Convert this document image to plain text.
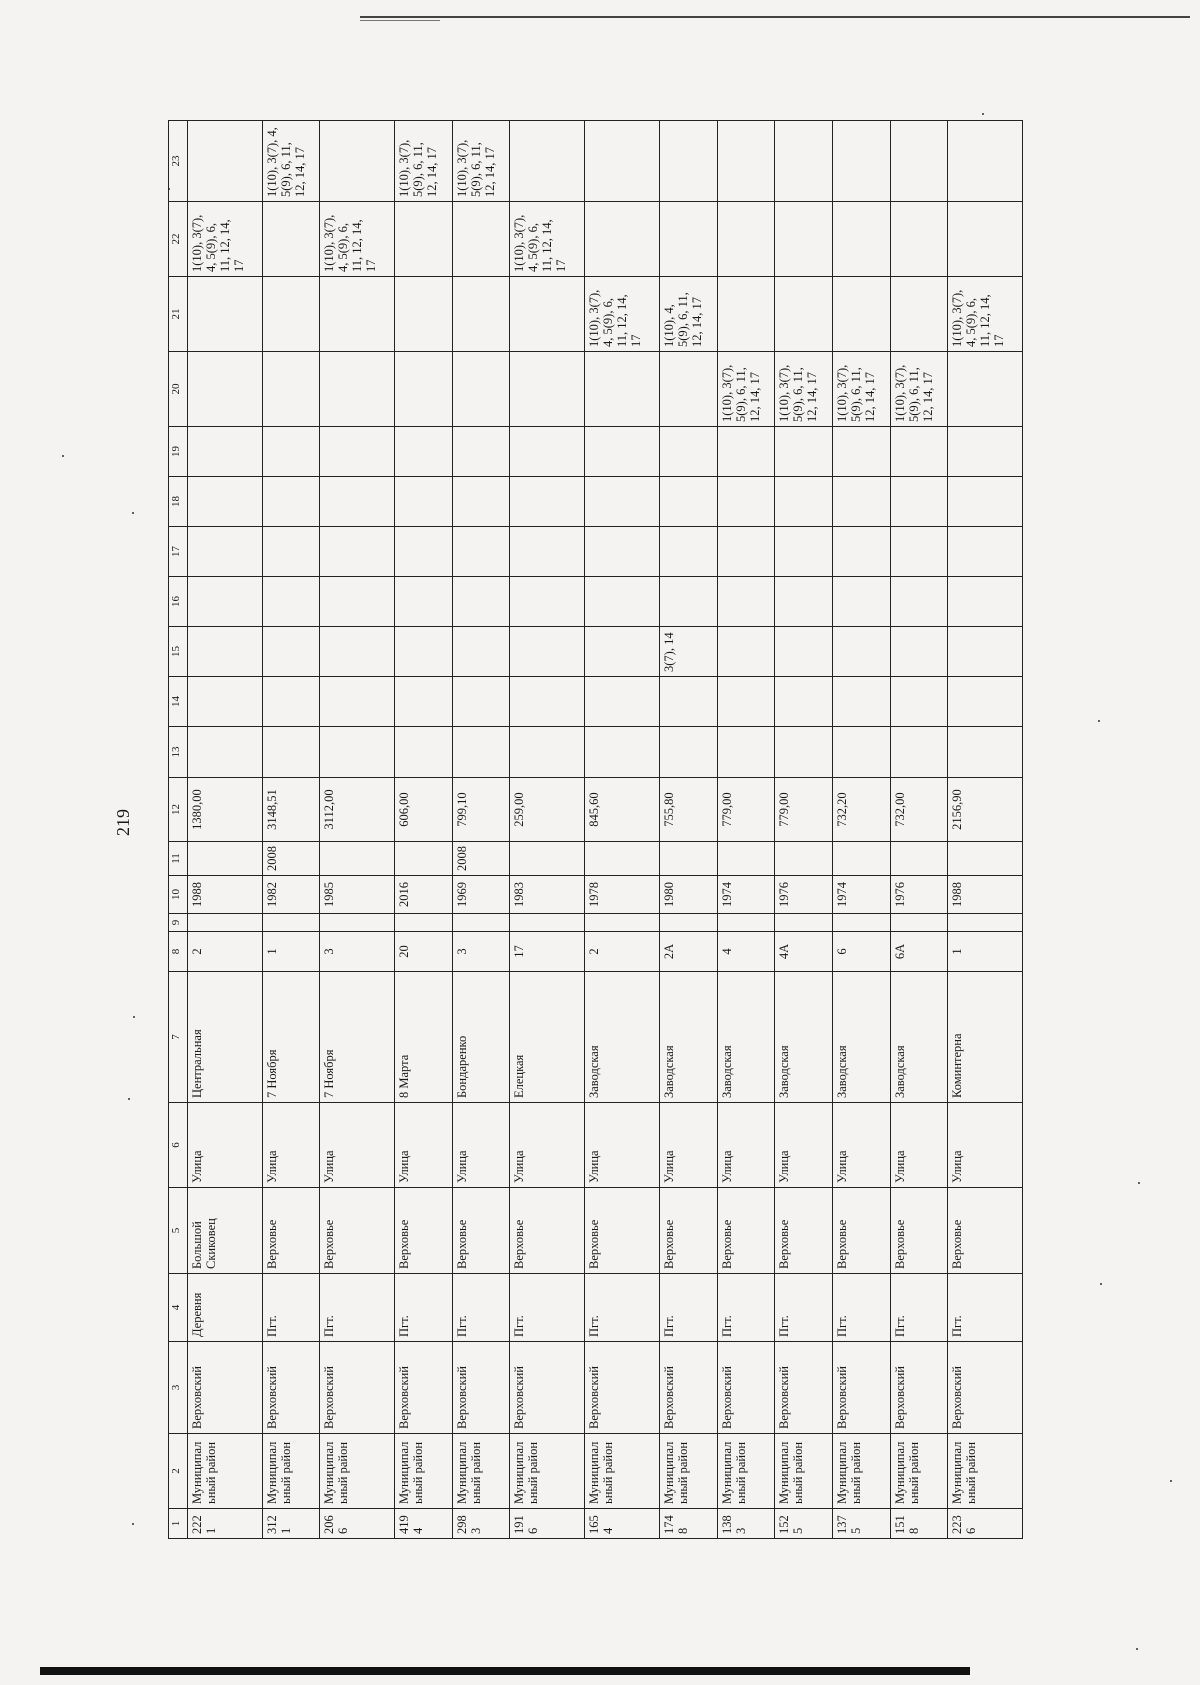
219
1	2	3	4	5	6	7	8	9	10	11	12	13	14	15	16	17	18	19	20	21	22	23
2221	Муниципальный район	Верховский	Деревня	Большой Скиковец	Улица	Центральная	2		1988		1380,00										1(10), 3(7), 4, 5(9), 6, 11, 12, 14, 17	
3121	Муниципальный район	Верховский	Пгт.	Верховье	Улица	7 Ноября	1		1982	2008	3148,51											1(10), 3(7), 4, 5(9), 6, 11, 12, 14, 17
2066	Муниципальный район	Верховский	Пгт.	Верховье	Улица	7 Ноября	3		1985		3112,00										1(10), 3(7), 4, 5(9), 6, 11, 12, 14, 17	
4194	Муниципальный район	Верховский	Пгт.	Верховье	Улица	8 Марта	20		2016		606,00											1(10), 3(7), 5(9), 6, 11, 12, 14, 17
2983	Муниципальный район	Верховский	Пгт.	Верховье	Улица	Бондаренко	3		1969	2008	799,10											1(10), 3(7), 5(9), 6, 11, 12, 14, 17
1916	Муниципальный район	Верховский	Пгт.	Верховье	Улица	Елецкая	17		1983		259,00										1(10), 3(7), 4, 5(9), 6, 11, 12, 14, 17	
1654	Муниципальный район	Верховский	Пгт.	Верховье	Улица	Заводская	2		1978		845,60									1(10), 3(7), 4, 5(9), 6, 11, 12, 14, 17		
1748	Муниципальный район	Верховский	Пгт.	Верховье	Улица	Заводская	2А		1980		755,80			3(7), 14						1(10), 4, 5(9), 6, 11, 12, 14, 17		
1383	Муниципальный район	Верховский	Пгт.	Верховье	Улица	Заводская	4		1974		779,00								1(10), 3(7), 5(9), 6, 11, 12, 14, 17			
1525	Муниципальный район	Верховский	Пгт.	Верховье	Улица	Заводская	4А		1976		779,00								1(10), 3(7), 5(9), 6, 11, 12, 14, 17			
1375	Муниципальный район	Верховский	Пгт.	Верховье	Улица	Заводская	6		1974		732,20								1(10), 3(7), 5(9), 6, 11, 12, 14, 17			
1518	Муниципальный район	Верховский	Пгт.	Верховье	Улица	Заводская	6А		1976		732,00								1(10), 3(7), 5(9), 6, 11, 12, 14, 17			
2236	Муниципальный район	Верховский	Пгт.	Верховье	Улица	Коминтерна	1		1988		2156,90									1(10), 3(7), 4, 5(9), 6, 11, 12, 14, 17		
